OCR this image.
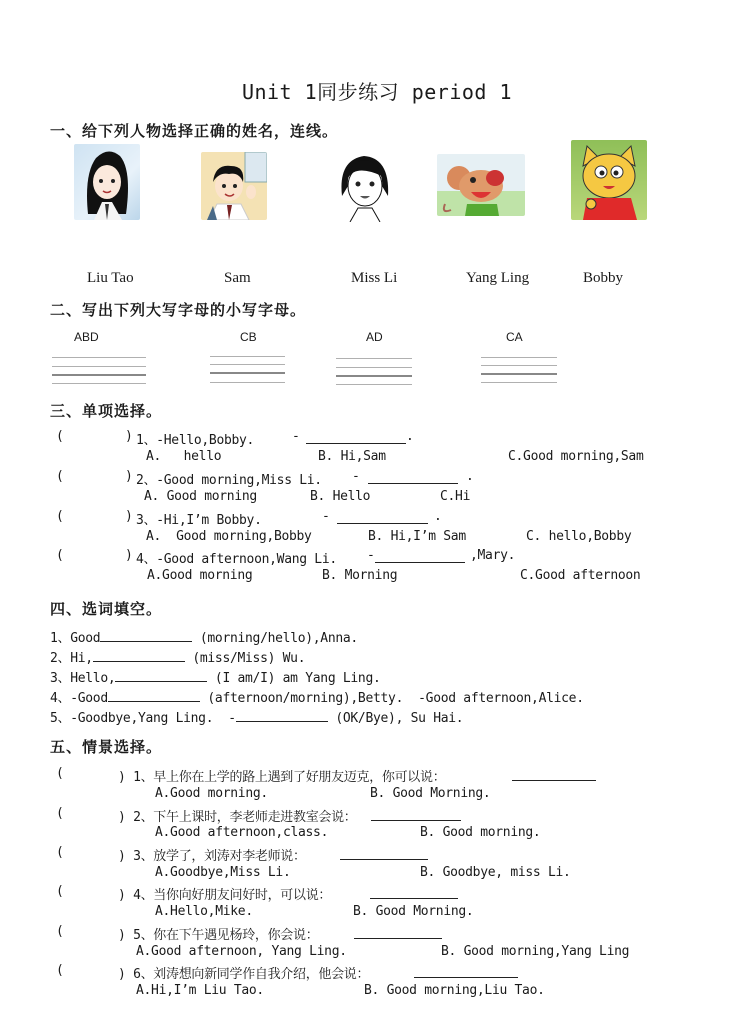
Unit 1同步练习 period 1
一、给下列人物选择正确的姓名，连线。
Liu Tao	Sam	Miss Li	Yang Ling	Bobby
二、写出下列大写字母的小写字母。
ABD	CB	AD	CA
三、单项选择。
(	) 1、-Hello,Bobby.	-	.
A.   hello	B. Hi,Sam	C.Good morning,Sam
(	) 2、-Good morning,Miss Li. -	.
A. Good morning	B. Hello	C.Hi
(	) 3、-Hi,I’m Bobby.	-	.
A.  Good morning,Bobby	B. Hi,I’m Sam	C. hello,Bobby
(	) 4、-Good afternoon,Wang Li. -	,Mary.
A.Good morning	B. Morning	C.Good afternoon
四、选词填空。
1、Good	(morning/hello),Anna.
2、Hi,	(miss/Miss) Wu.
3、Hello,	(I am/I) am Yang Ling.
4、-Good	(afternoon/morning),Betty.  -Good afternoon,Alice.
5、-Goodbye,Yang Ling.  -	(OK/Bye), Su Hai.
五、情景选择。
(	) 1、早上你在上学的路上遇到了好朋友迈克，你可以说：
A.Good morning.	B. Good Morning.
(	) 2、下午上课时，李老师走进教室会说：
A.Good afternoon,class.	B. Good morning.
(	) 3、放学了，刘涛对李老师说：
A.Goodbye,Miss Li.	B. Goodbye, miss Li.
(	) 4、当你向好朋友问好时，可以说：
A.Hello,Mike.	B. Good Morning.
(	) 5、你在下午遇见杨玲，你会说：
A.Good afternoon, Yang Ling.	B. Good morning,Yang Ling
(	) 6、刘涛想向新同学作自我介绍，他会说：
A.Hi,I’m Liu Tao.	B. Good morning,Liu Tao.
